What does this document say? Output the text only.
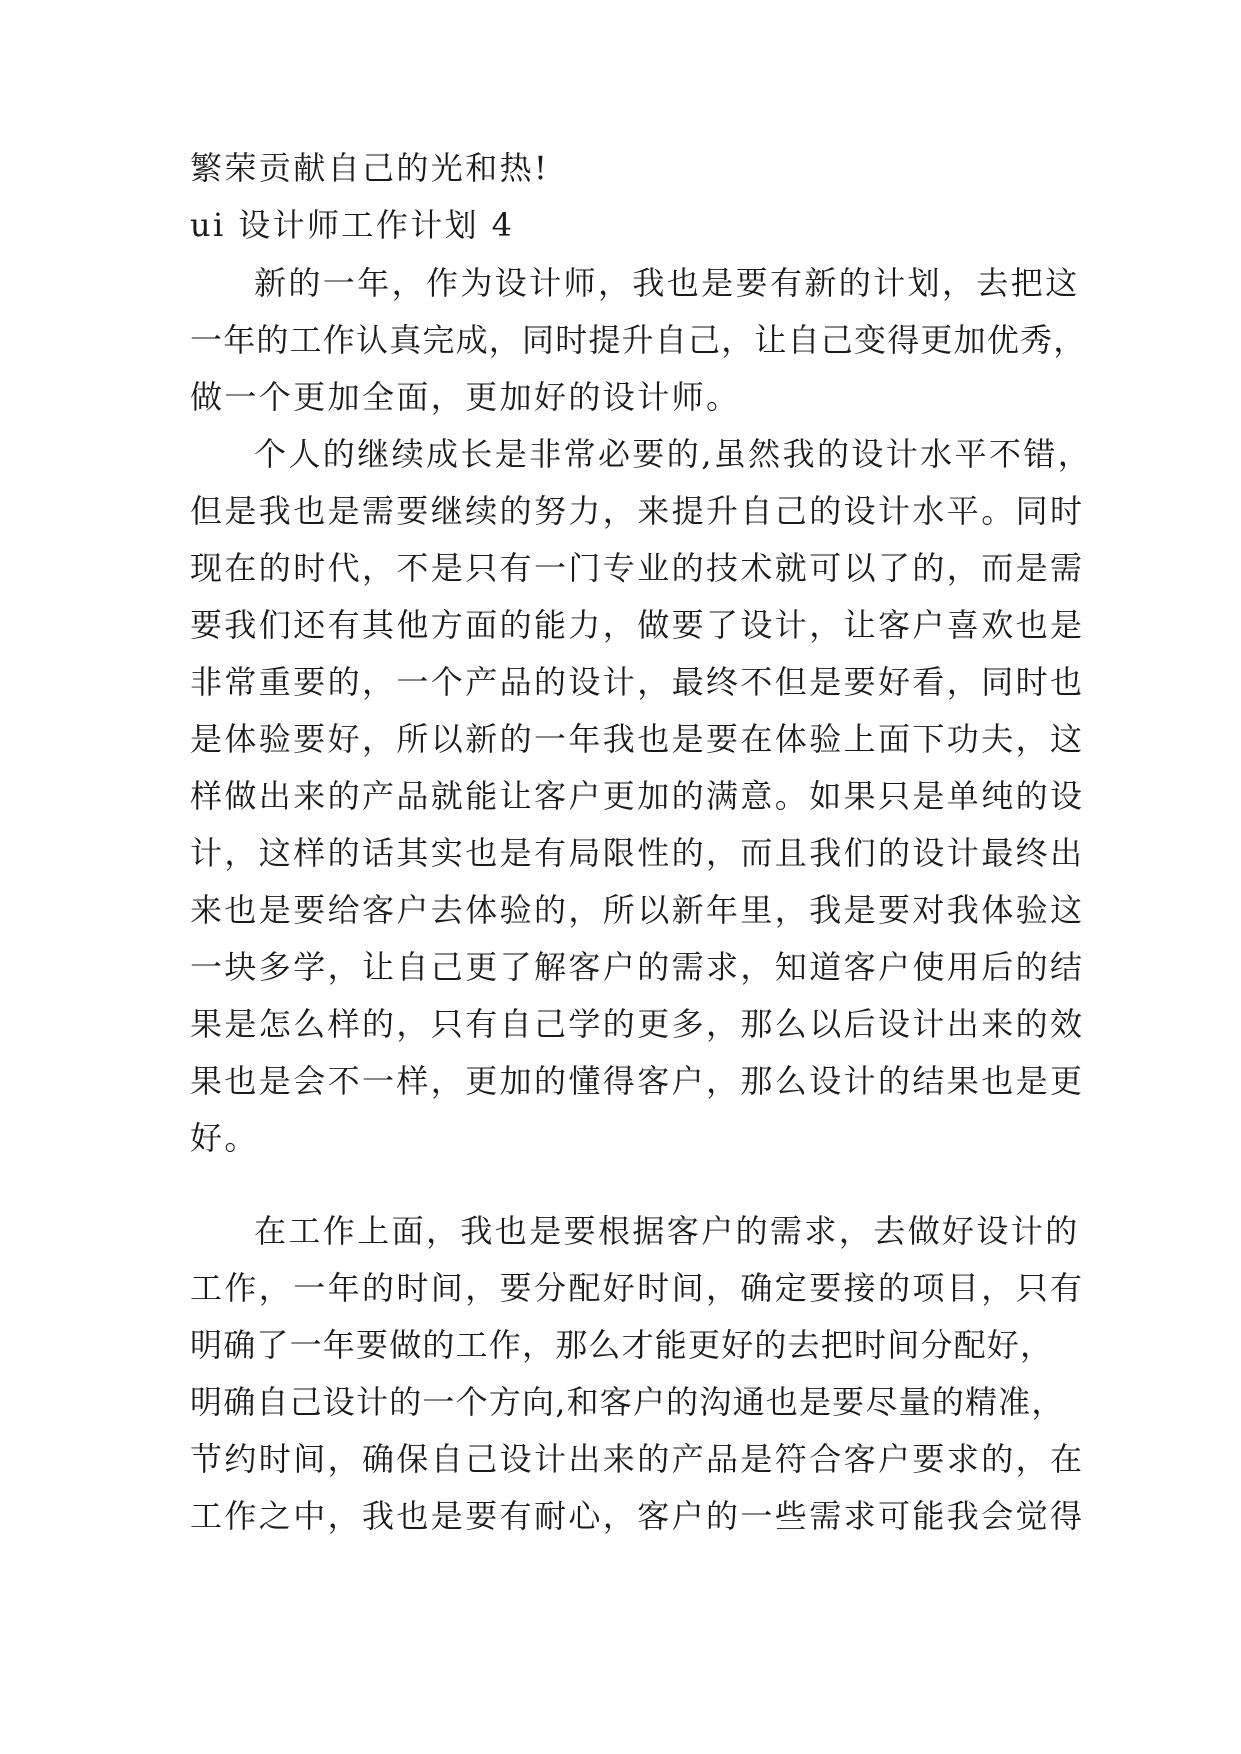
繁荣贡献自己的光和热!
ui 设计师工作计划 4
新的一年，作为设计师，我也是要有新的计划，去把这
一年的工作认真完成，同时提升自己，让自己变得更加优秀，
做一个更加全面，更加好的设计师。
个人的继续成长是非常必要的,虽然我的设计水平不错，
但是我也是需要继续的努力，来提升自己的设计水平。同时
现在的时代，不是只有一门专业的技术就可以了的，而是需
要我们还有其他方面的能力，做要了设计，让客户喜欢也是
非常重要的，一个产品的设计，最终不但是要好看，同时也
是体验要好，所以新的一年我也是要在体验上面下功夫，这
样做出来的产品就能让客户更加的满意。如果只是单纯的设
计，这样的话其实也是有局限性的，而且我们的设计最终出
来也是要给客户去体验的，所以新年里，我是要对我体验这
一块多学，让自己更了解客户的需求，知道客户使用后的结
果是怎么样的，只有自己学的更多，那么以后设计出来的效
果也是会不一样，更加的懂得客户，那么设计的结果也是更
好。
在工作上面，我也是要根据客户的需求，去做好设计的
工作，一年的时间，要分配好时间，确定要接的项目，只有
明确了一年要做的工作，那么才能更好的去把时间分配好，
明确自己设计的一个方向,和客户的沟通也是要尽量的精准，
节约时间，确保自己设计出来的产品是符合客户要求的，在
工作之中，我也是要有耐心，客户的一些需求可能我会觉得
